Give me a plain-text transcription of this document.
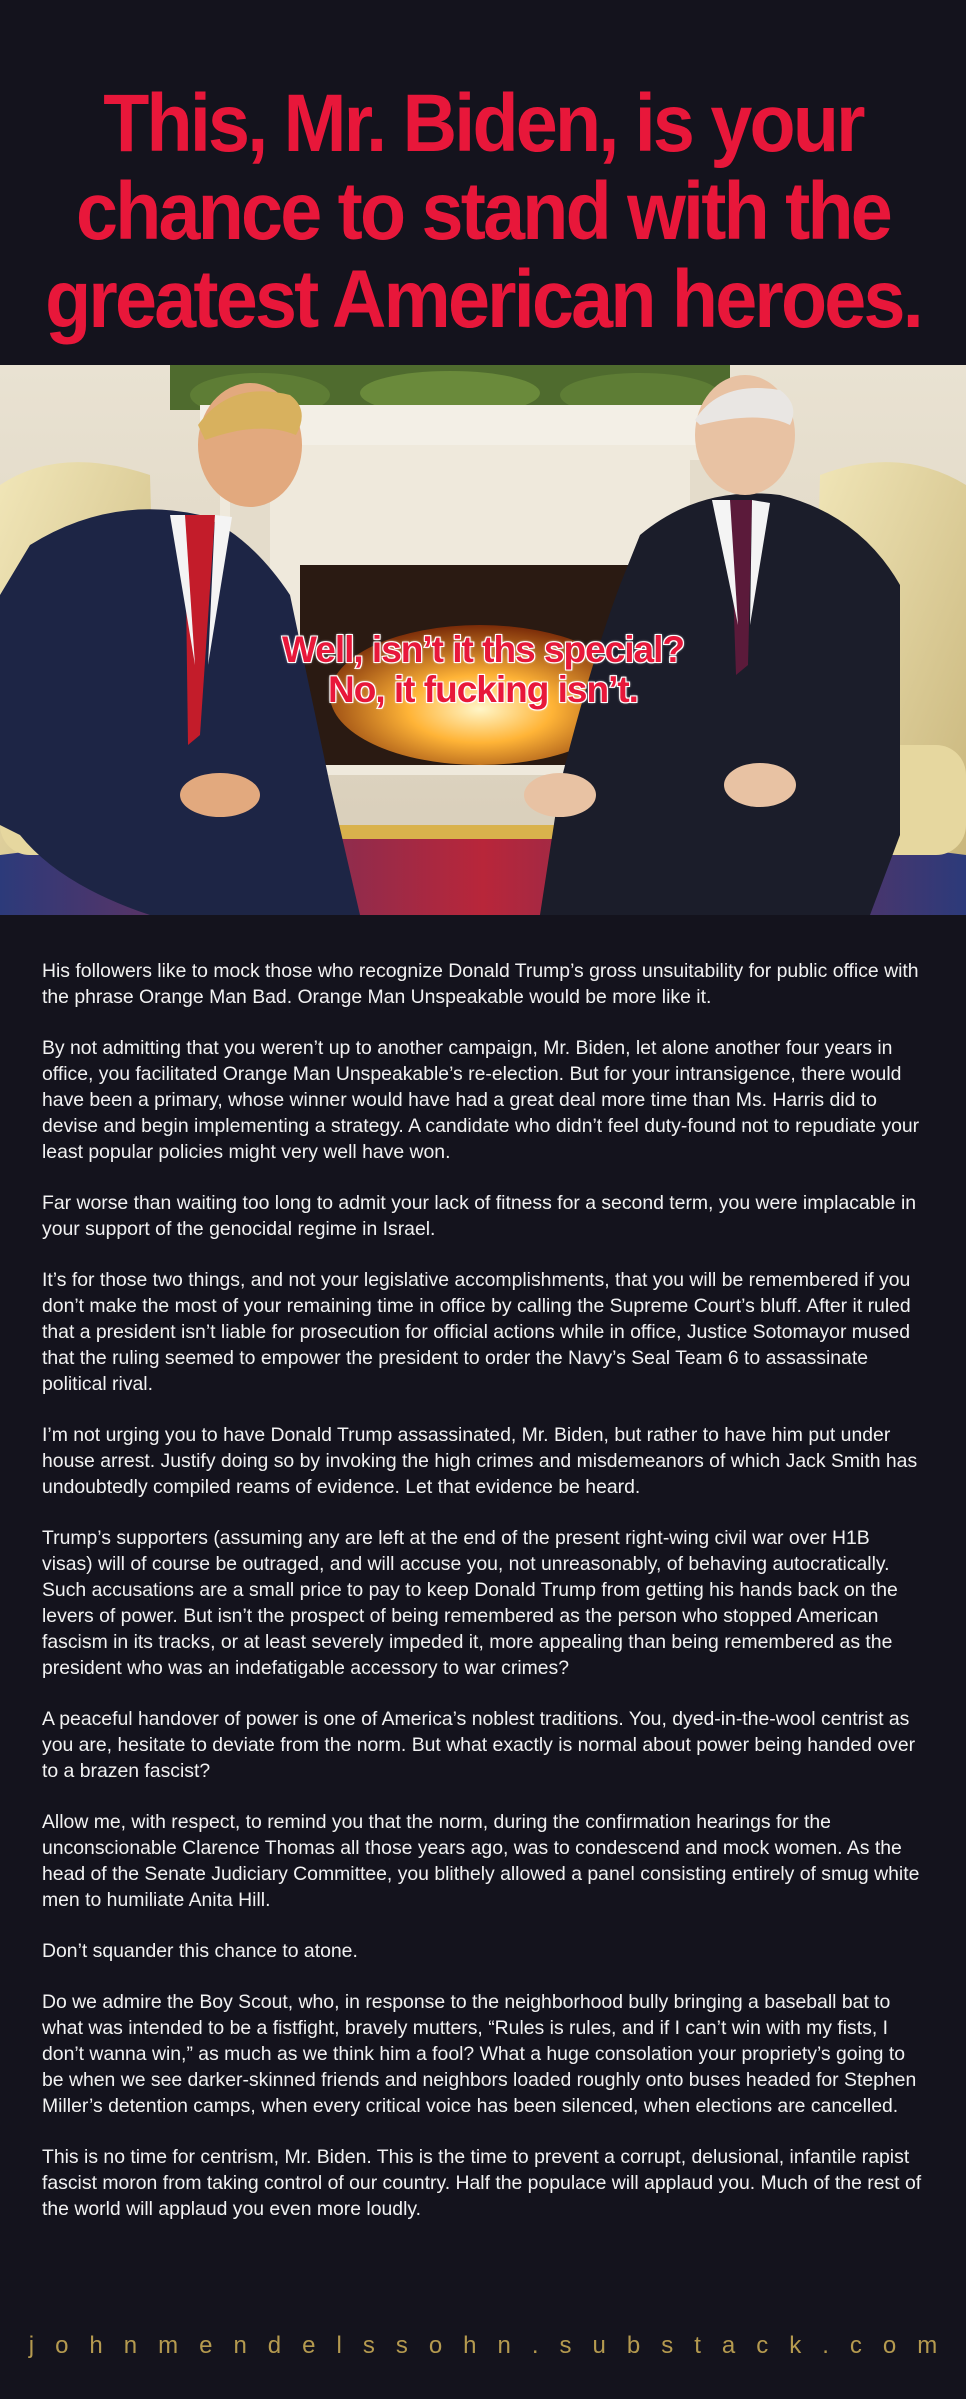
This, Mr. Biden, is your
chance to stand with the
greatest American heroes.
Well, isn’t it ths special?
No, it fucking isn’t.

His followers like to mock those who recognize Donald Trump’s gross unsuitability for public office with the phrase Orange Man Bad. Orange Man Unspeakable would be more like it.

By not admitting that you weren’t up to another campaign, Mr. Biden, let alone another four years in office, you facilitated Orange Man Unspeakable’s re-election. But for your intransigence, there would have been a primary, whose winner would have had a great deal more time than Ms. Harris did to devise and begin implementing a strategy. A candidate who didn’t feel duty-found not to repudiate your least popular policies might very well have won.

Far worse than waiting too long to admit your lack of fitness for a second term, you were implacable in your support of the genocidal regime in Israel.

It’s for those two things, and not your legislative accomplishments, that you will be remembered if you don’t make the most of your remaining time in office by calling the Supreme Court’s bluff. After it ruled that a president isn’t liable for prosecution for official actions while in office, Justice Sotomayor mused that the ruling seemed to empower the president to order the Navy’s Seal Team 6 to assassinate political rival.

I’m not urging you to have Donald Trump assassinated, Mr. Biden, but rather to have him put under house arrest. Justify doing so by invoking the high crimes and misdemeanors of which Jack Smith has undoubtedly compiled reams of evidence. Let that evidence be heard.

Trump’s supporters (assuming any are left at the end of the present right-wing civil war over H1B visas) will of course be outraged, and will accuse you, not unreasonably, of behaving autocratically. Such accusations are a small price to pay to keep Donald Trump from getting his hands back on the levers of power. But isn’t the prospect of being remembered as the person who stopped American fascism in its tracks, or at least severely impeded it, more appealing than being remembered as the president who was an indefatigable accessory to war crimes?

A peaceful handover of power is one of America’s noblest traditions. You, dyed-in-the-wool centrist as you are, hesitate to deviate from the norm. But what exactly is normal about power being handed over to a brazen fascist?

Allow me, with respect, to remind you that the norm, during the confirmation hearings for the unconscionable Clarence Thomas all those years ago, was to condescend and mock women. As the head of the Senate Judiciary Committee, you blithely allowed a panel consisting entirely of smug white men to humiliate Anita Hill.

Don’t squander this chance to atone.

Do we admire the Boy Scout, who, in response to the neighborhood bully bringing a baseball bat to what was intended to be a fistfight, bravely mutters, “Rules is rules, and if I can’t win with my fists, I don’t wanna win,” as much as we think him a fool? What a huge consolation your propriety’s going to be when we see darker-skinned friends and neighbors loaded roughly onto buses headed for Stephen Miller’s detention camps, when every critical voice has been silenced, when elections are cancelled.

This is no time for centrism, Mr. Biden. This is the time to prevent a corrupt, delusional, infantile rapist fascist moron from taking control of our country. Half the populace will applaud you. Much of the rest of the world will applaud you even more loudly.

johnmendelssohn.substack.com
